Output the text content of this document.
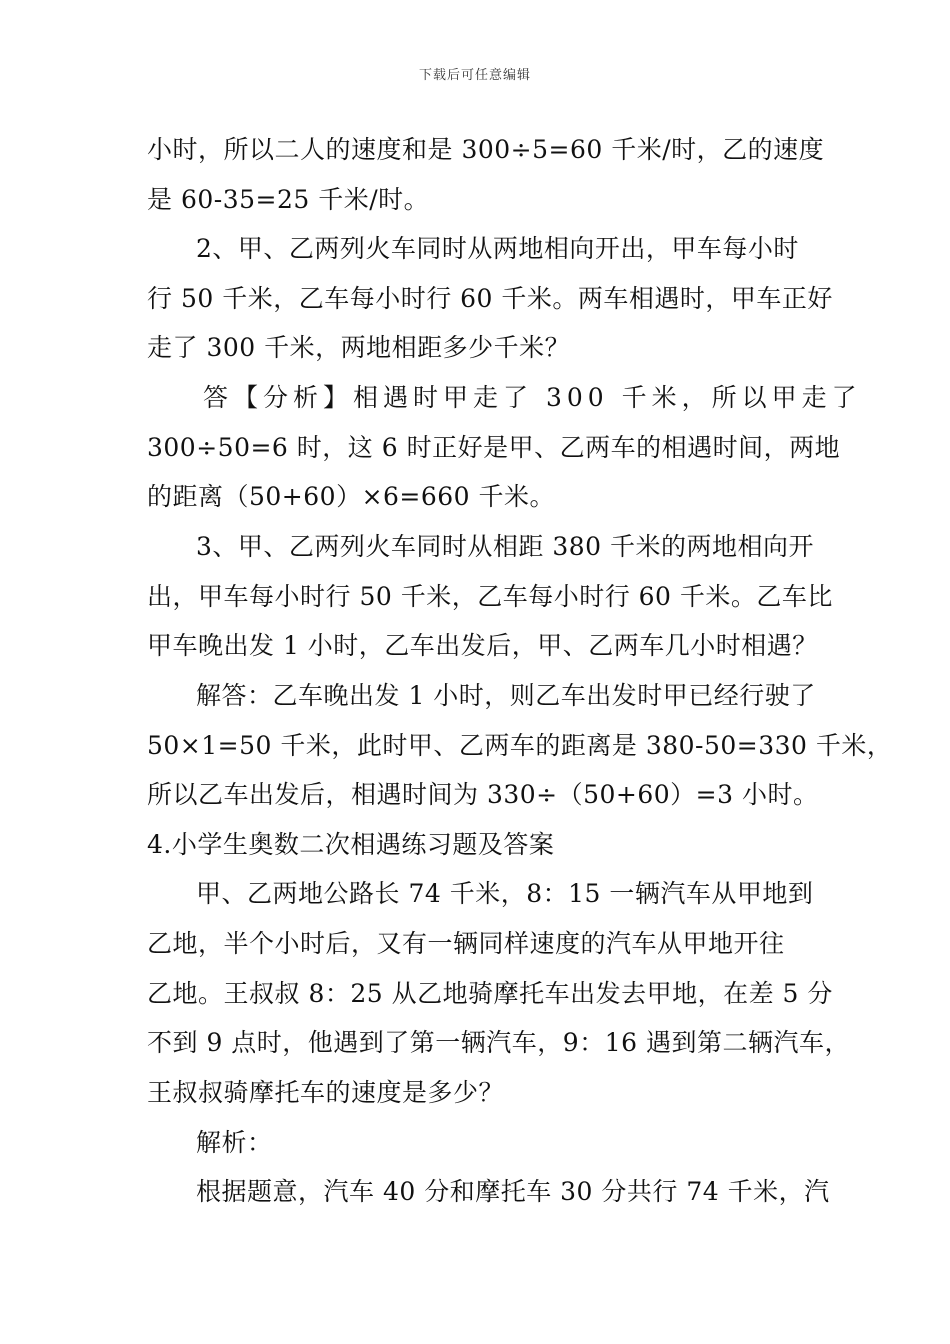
下载后可任意编辑
小时，所以二人的速度和是 300÷5=60 千米/时，乙的速度
是 60-35=25 千米/时。
2、甲、乙两列火车同时从两地相向开出，甲车每小时
行 50 千米，乙车每小时行 60 千米。两车相遇时，甲车正好
走了 300 千米，两地相距多少千米？
答【分析】相遇时甲走了 300 千米，所以甲走了
300÷50=6 时，这 6 时正好是甲、乙两车的相遇时间，两地
的距离（50+60）×6=660 千米。
3、甲、乙两列火车同时从相距 380 千米的两地相向开
出，甲车每小时行 50 千米，乙车每小时行 60 千米。乙车比
甲车晚出发 1 小时，乙车出发后，甲、乙两车几小时相遇？
解答：乙车晚出发 1 小时，则乙车出发时甲已经行驶了
50×1=50 千米，此时甲、乙两车的距离是 380-50=330 千米，
所以乙车出发后，相遇时间为 330÷（50+60）=3 小时。
4.小学生奥数二次相遇练习题及答案
甲、乙两地公路长 74 千米，8：15 一辆汽车从甲地到
乙地，半个小时后，又有一辆同样速度的汽车从甲地开往
乙地。王叔叔 8：25 从乙地骑摩托车出发去甲地，在差 5 分
不到 9 点时，他遇到了第一辆汽车，9：16 遇到第二辆汽车，
王叔叔骑摩托车的速度是多少？
解析：
根据题意，汽车 40 分和摩托车 30 分共行 74 千米，汽
